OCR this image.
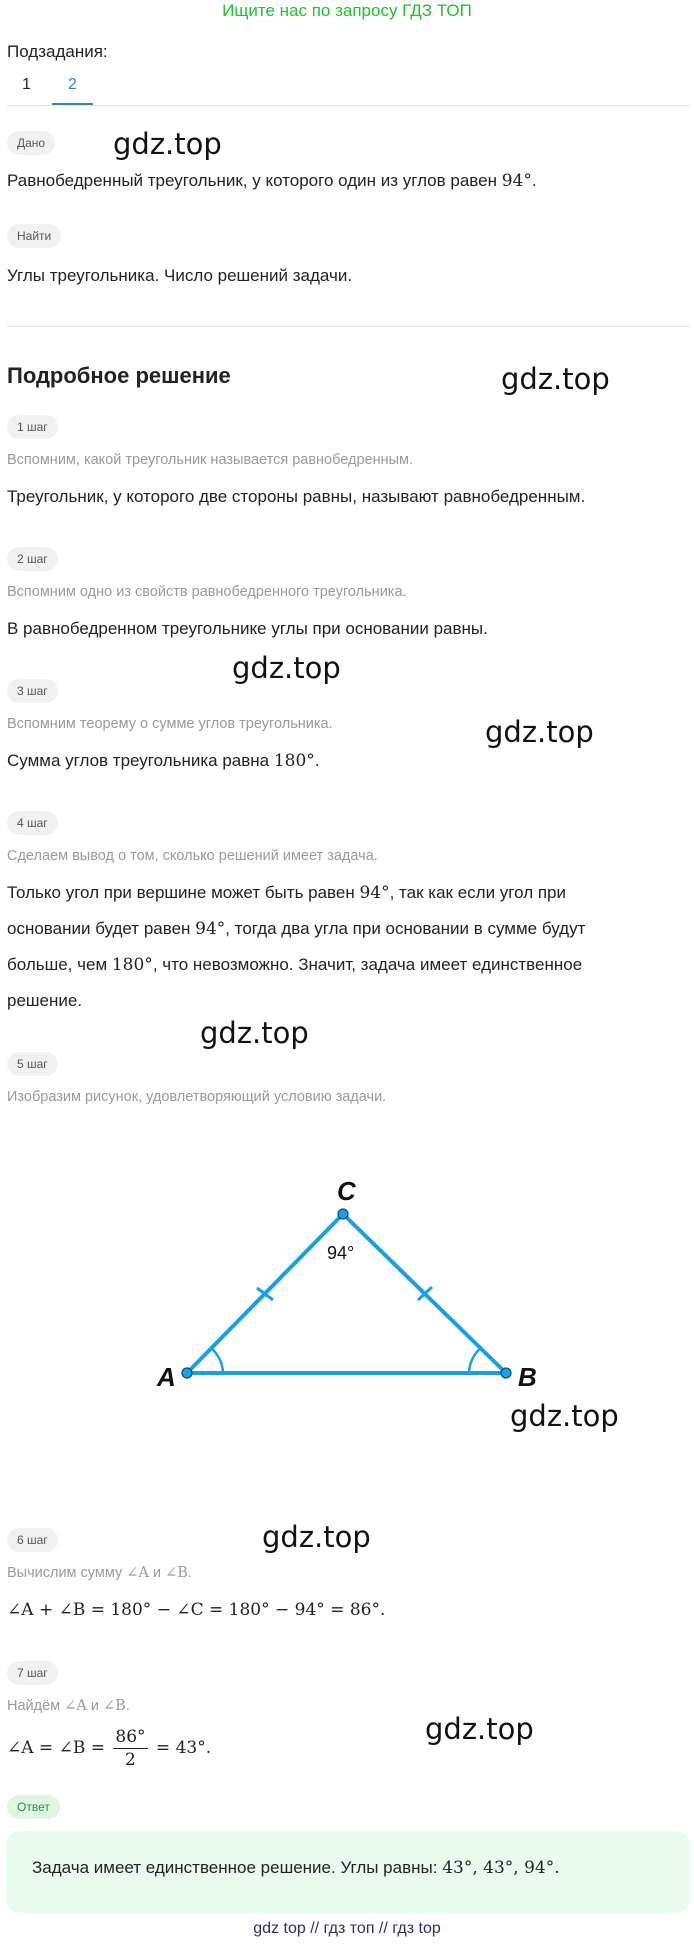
Ищите нас по запросу ГДЗ ТОП
Подзадания:
1 2
Дано
Равнобедренный треугольник, у которого один из углов равен 94°.
Найти
Углы треугольника. Число решений задачи.
Подробное решение
1 шаг
Вспомним, какой треугольник называется равнобедренным.
Треугольник, у которого две стороны равны, называют равнобедренным.
2 шаг
Вспомним одно из свойств равнобедренного треугольника.
В равнобедренном треугольнике углы при основании равны.
3 шаг
Вспомним теорему о сумме углов треугольника.
Сумма углов треугольника равна 180°.
4 шаг
Сделаем вывод о том, сколько решений имеет задача.
Только угол при вершине может быть равен 94°, так как если угол при
основании будет равен 94°, тогда два угла при основании в сумме будут
больше, чем 180°, что невозможно. Значит, задача имеет единственное
решение.
5 шаг
Изобразим рисунок, удовлетворяющий условию задачи.
A	B
C
94°
6 шаг
Вычислим сумму ∠A и ∠B.
∠A + ∠B = 180° − ∠C = 180° − 94° = 86°.
7 шаг
Найдём ∠A и ∠B.
∠A = ∠B = $\frac{86^\circ}{2} = 43^\circ$.
Ответ
Задача имеет единственное решение. Углы равны: 43°, 43°, 94°.
gdz.top
gdz.top
gdz.top
gdz.top
gdz.top
gdz.top
gdz.top
gdz.top
gdz top // гдз топ // гдз top
